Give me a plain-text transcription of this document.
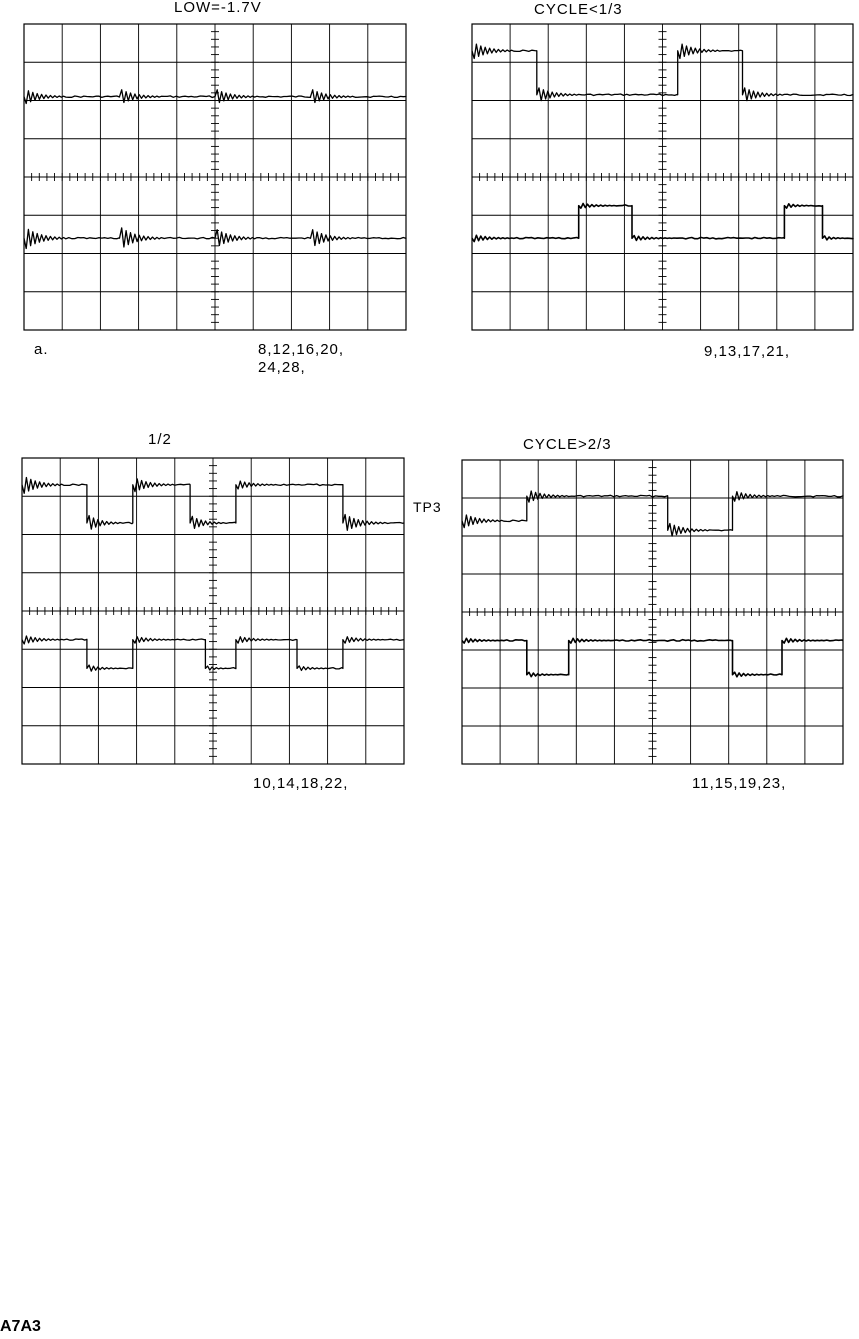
LOW=-1.7V
a.	8,12,16,20,
24,28,
CYCLE<1/3
9,13,17,21,
1/2
TP3
10,14,18,22,
CYCLE>2/3
11,15,19,23,
A7A3
